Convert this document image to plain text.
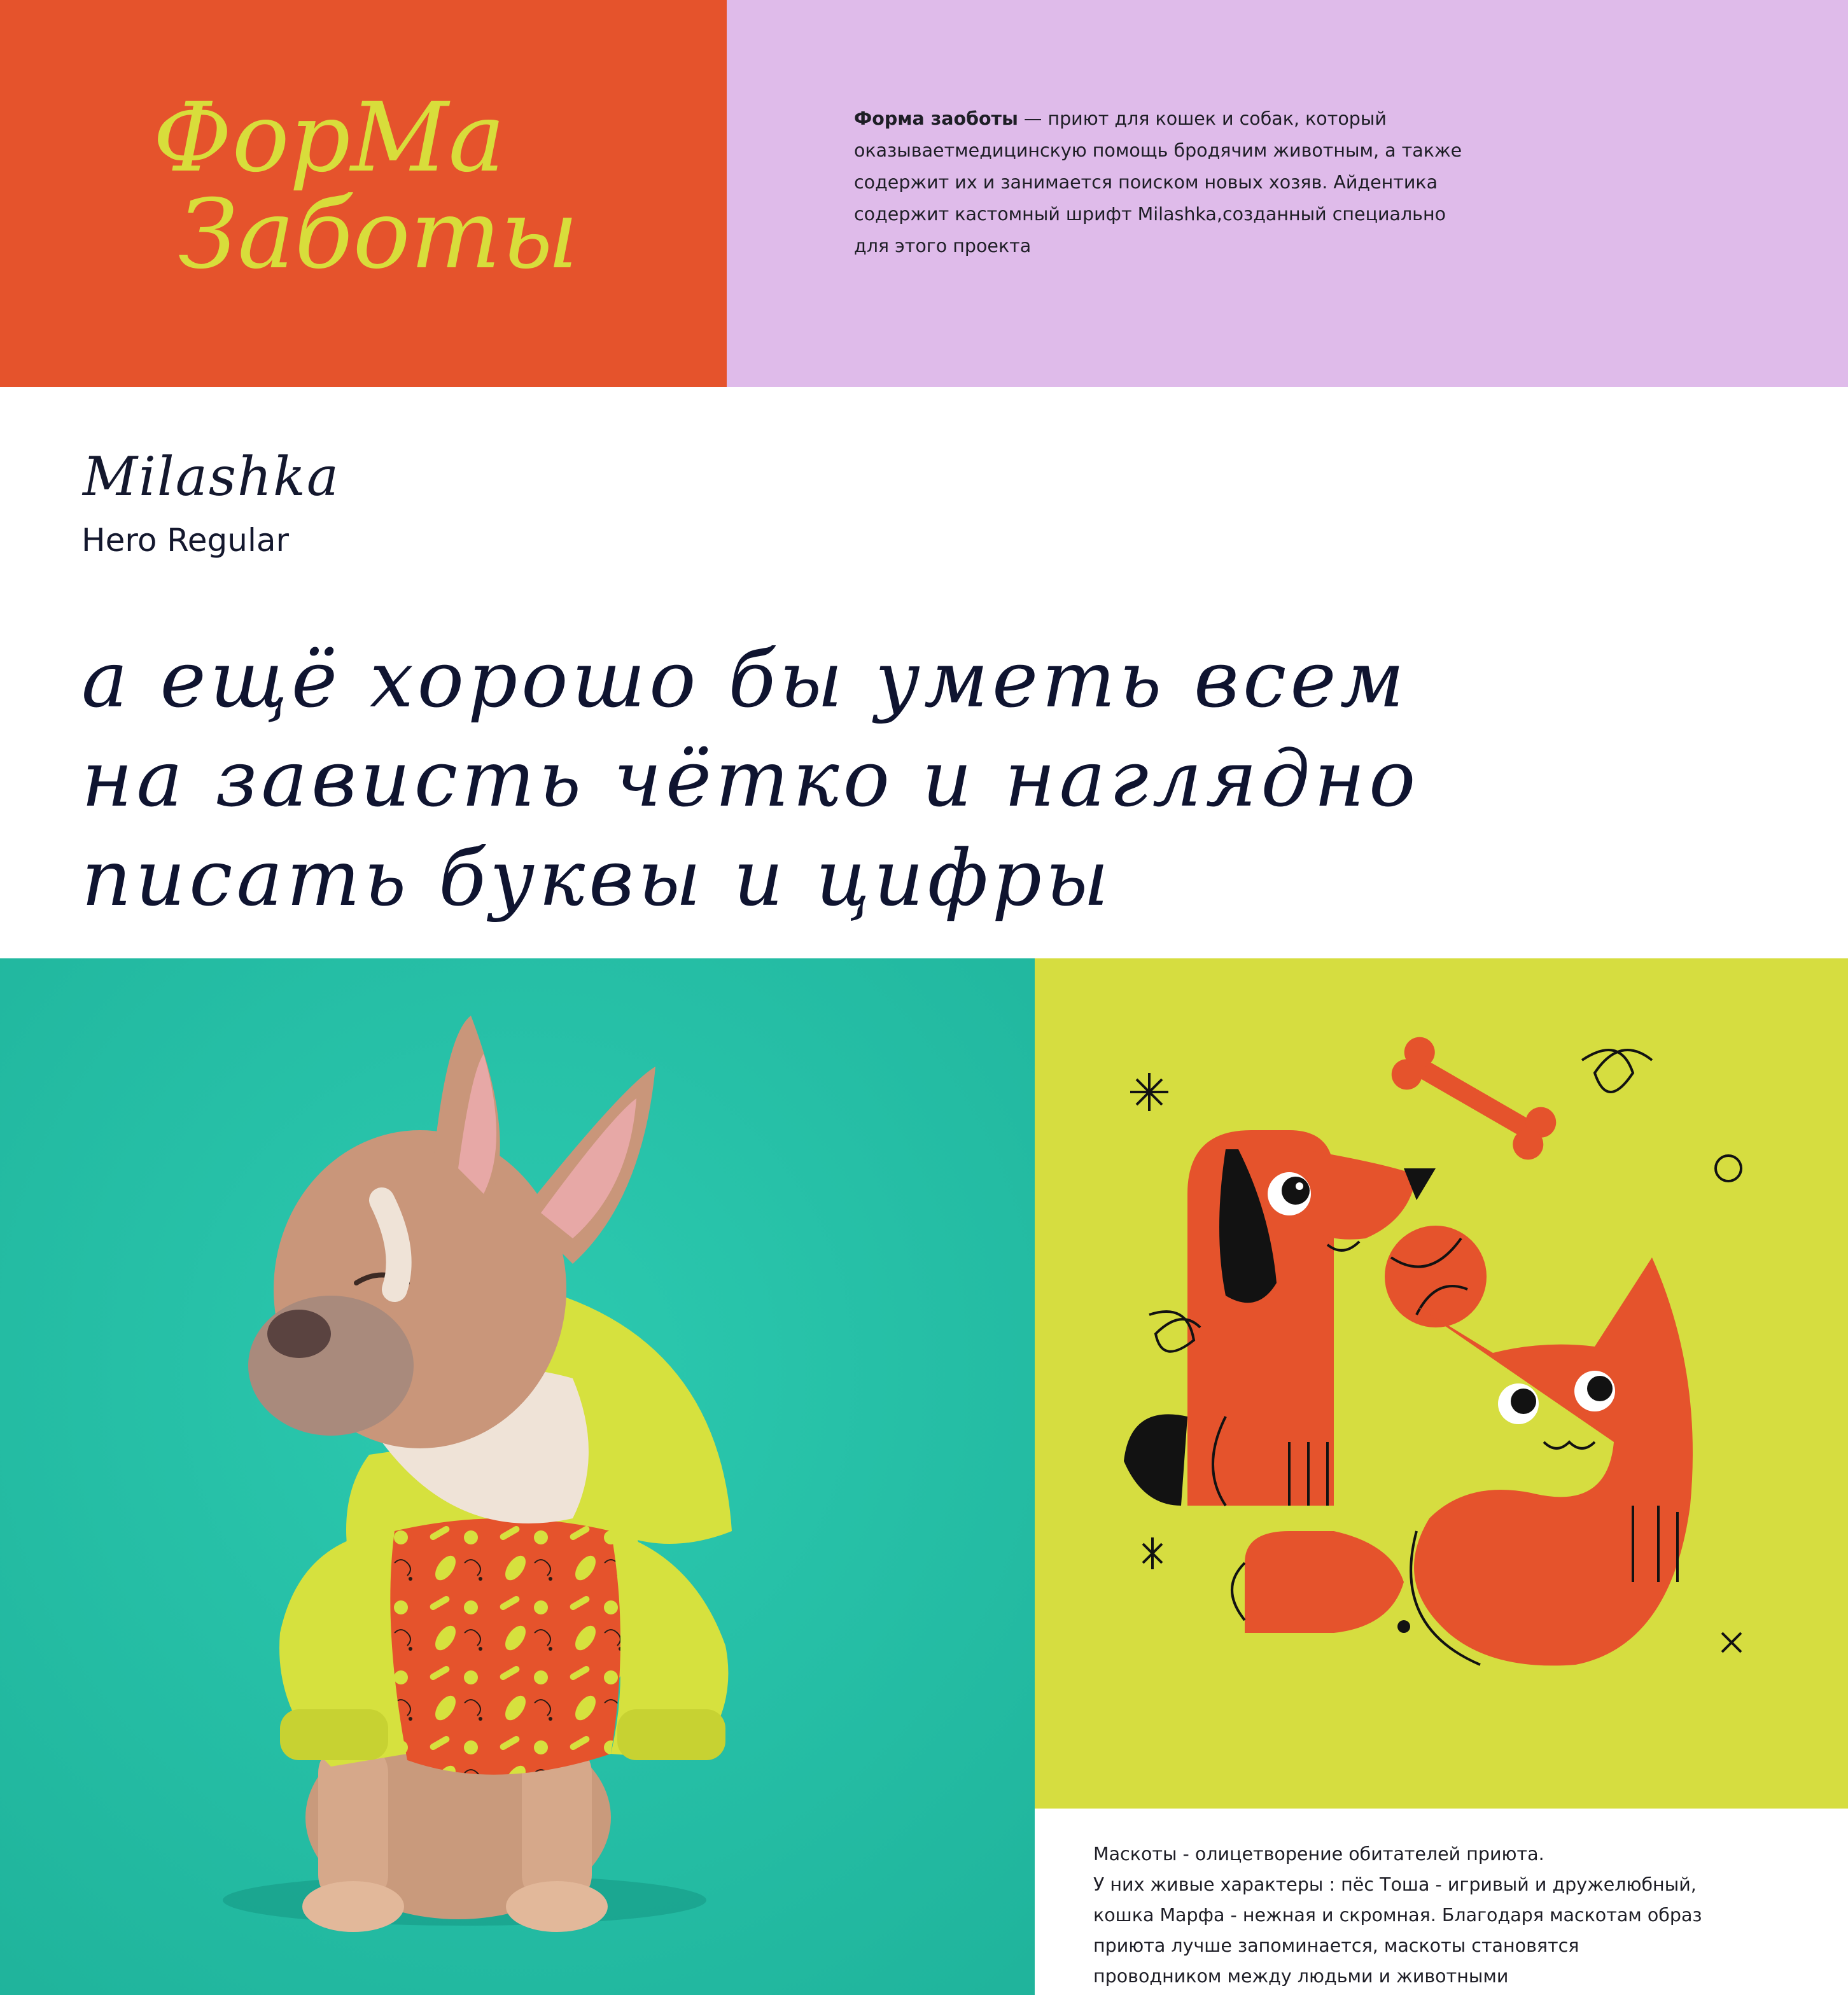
ФорМа
Заботы
Форма заоботы — приют для кошек и собак, который
оказываетмедицинскую помощь бродячим животным, а также
содержит их и занимается поиском новых хозяв. Айдентика
содержит кастомный шрифт Milashka,созданный специально
для этого проекта
Milashka
Hero Regular
а ещё хорошо бы уметь всем
на зависть чётко и наглядно
писать буквы и цифры
Маскоты - олицетворение обитателей приюта.
У них живые характеры : пёс Тоша - игривый и дружелюбный,
кошка Марфа - нежная и скромная. Благодаря маскотам образ
приюта лучше запоминается, маскоты становятся
проводником между людьми и животными
